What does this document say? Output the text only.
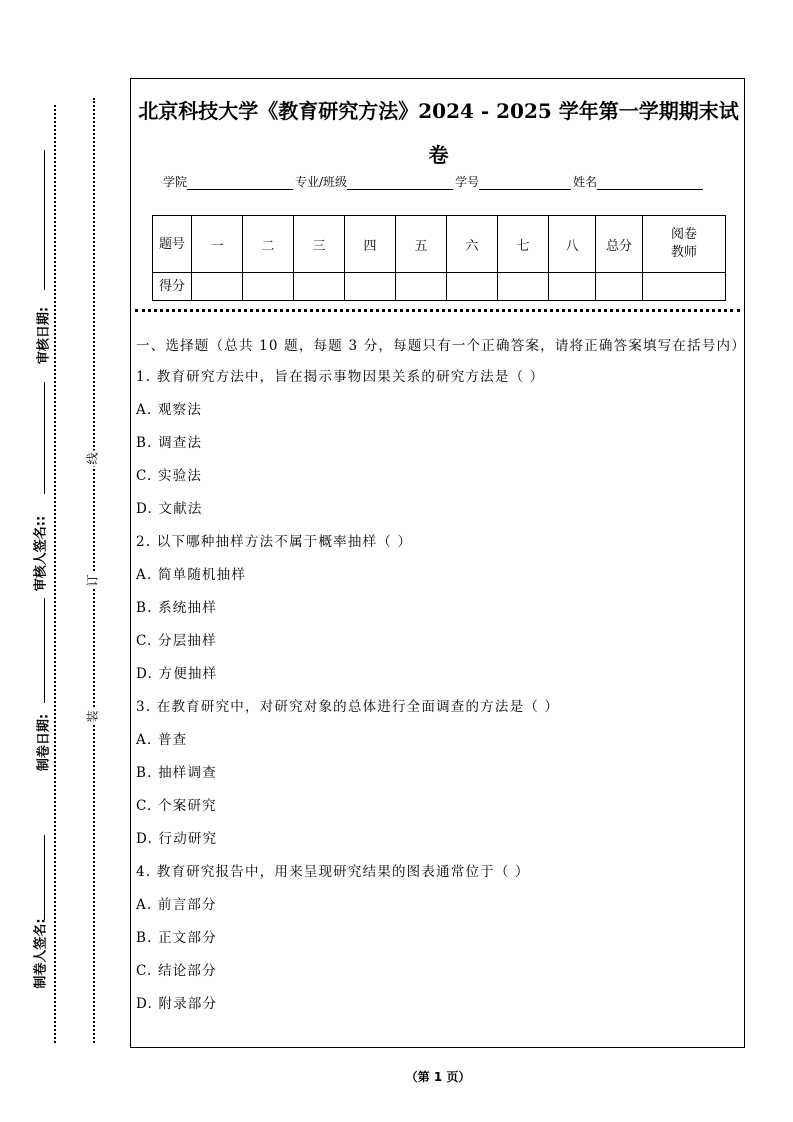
审核日期:
审核人签名::
制卷日期:
制卷人签名:
线
订
装
北京科技大学《教育研究方法》2024 - 2025 学年第一学期期末试卷
学院	专业/班级	学号	姓名
题号	一	二	三	四	五	六	七	八	总分	阅卷
教师
得分										
一、选择题（总共 10 题，每题 3 分，每题只有一个正确答案，请将正确答案填写在括号内）
1. 教育研究方法中，旨在揭示事物因果关系的研究方法是（ ）
A. 观察法
B. 调查法
C. 实验法
D. 文献法
2. 以下哪种抽样方法不属于概率抽样（ ）
A. 简单随机抽样
B. 系统抽样
C. 分层抽样
D. 方便抽样
3. 在教育研究中，对研究对象的总体进行全面调查的方法是（ ）
A. 普查
B. 抽样调查
C. 个案研究
D. 行动研究
4. 教育研究报告中，用来呈现研究结果的图表通常位于（ ）
A. 前言部分
B. 正文部分
C. 结论部分
D. 附录部分
（第 1 页）
